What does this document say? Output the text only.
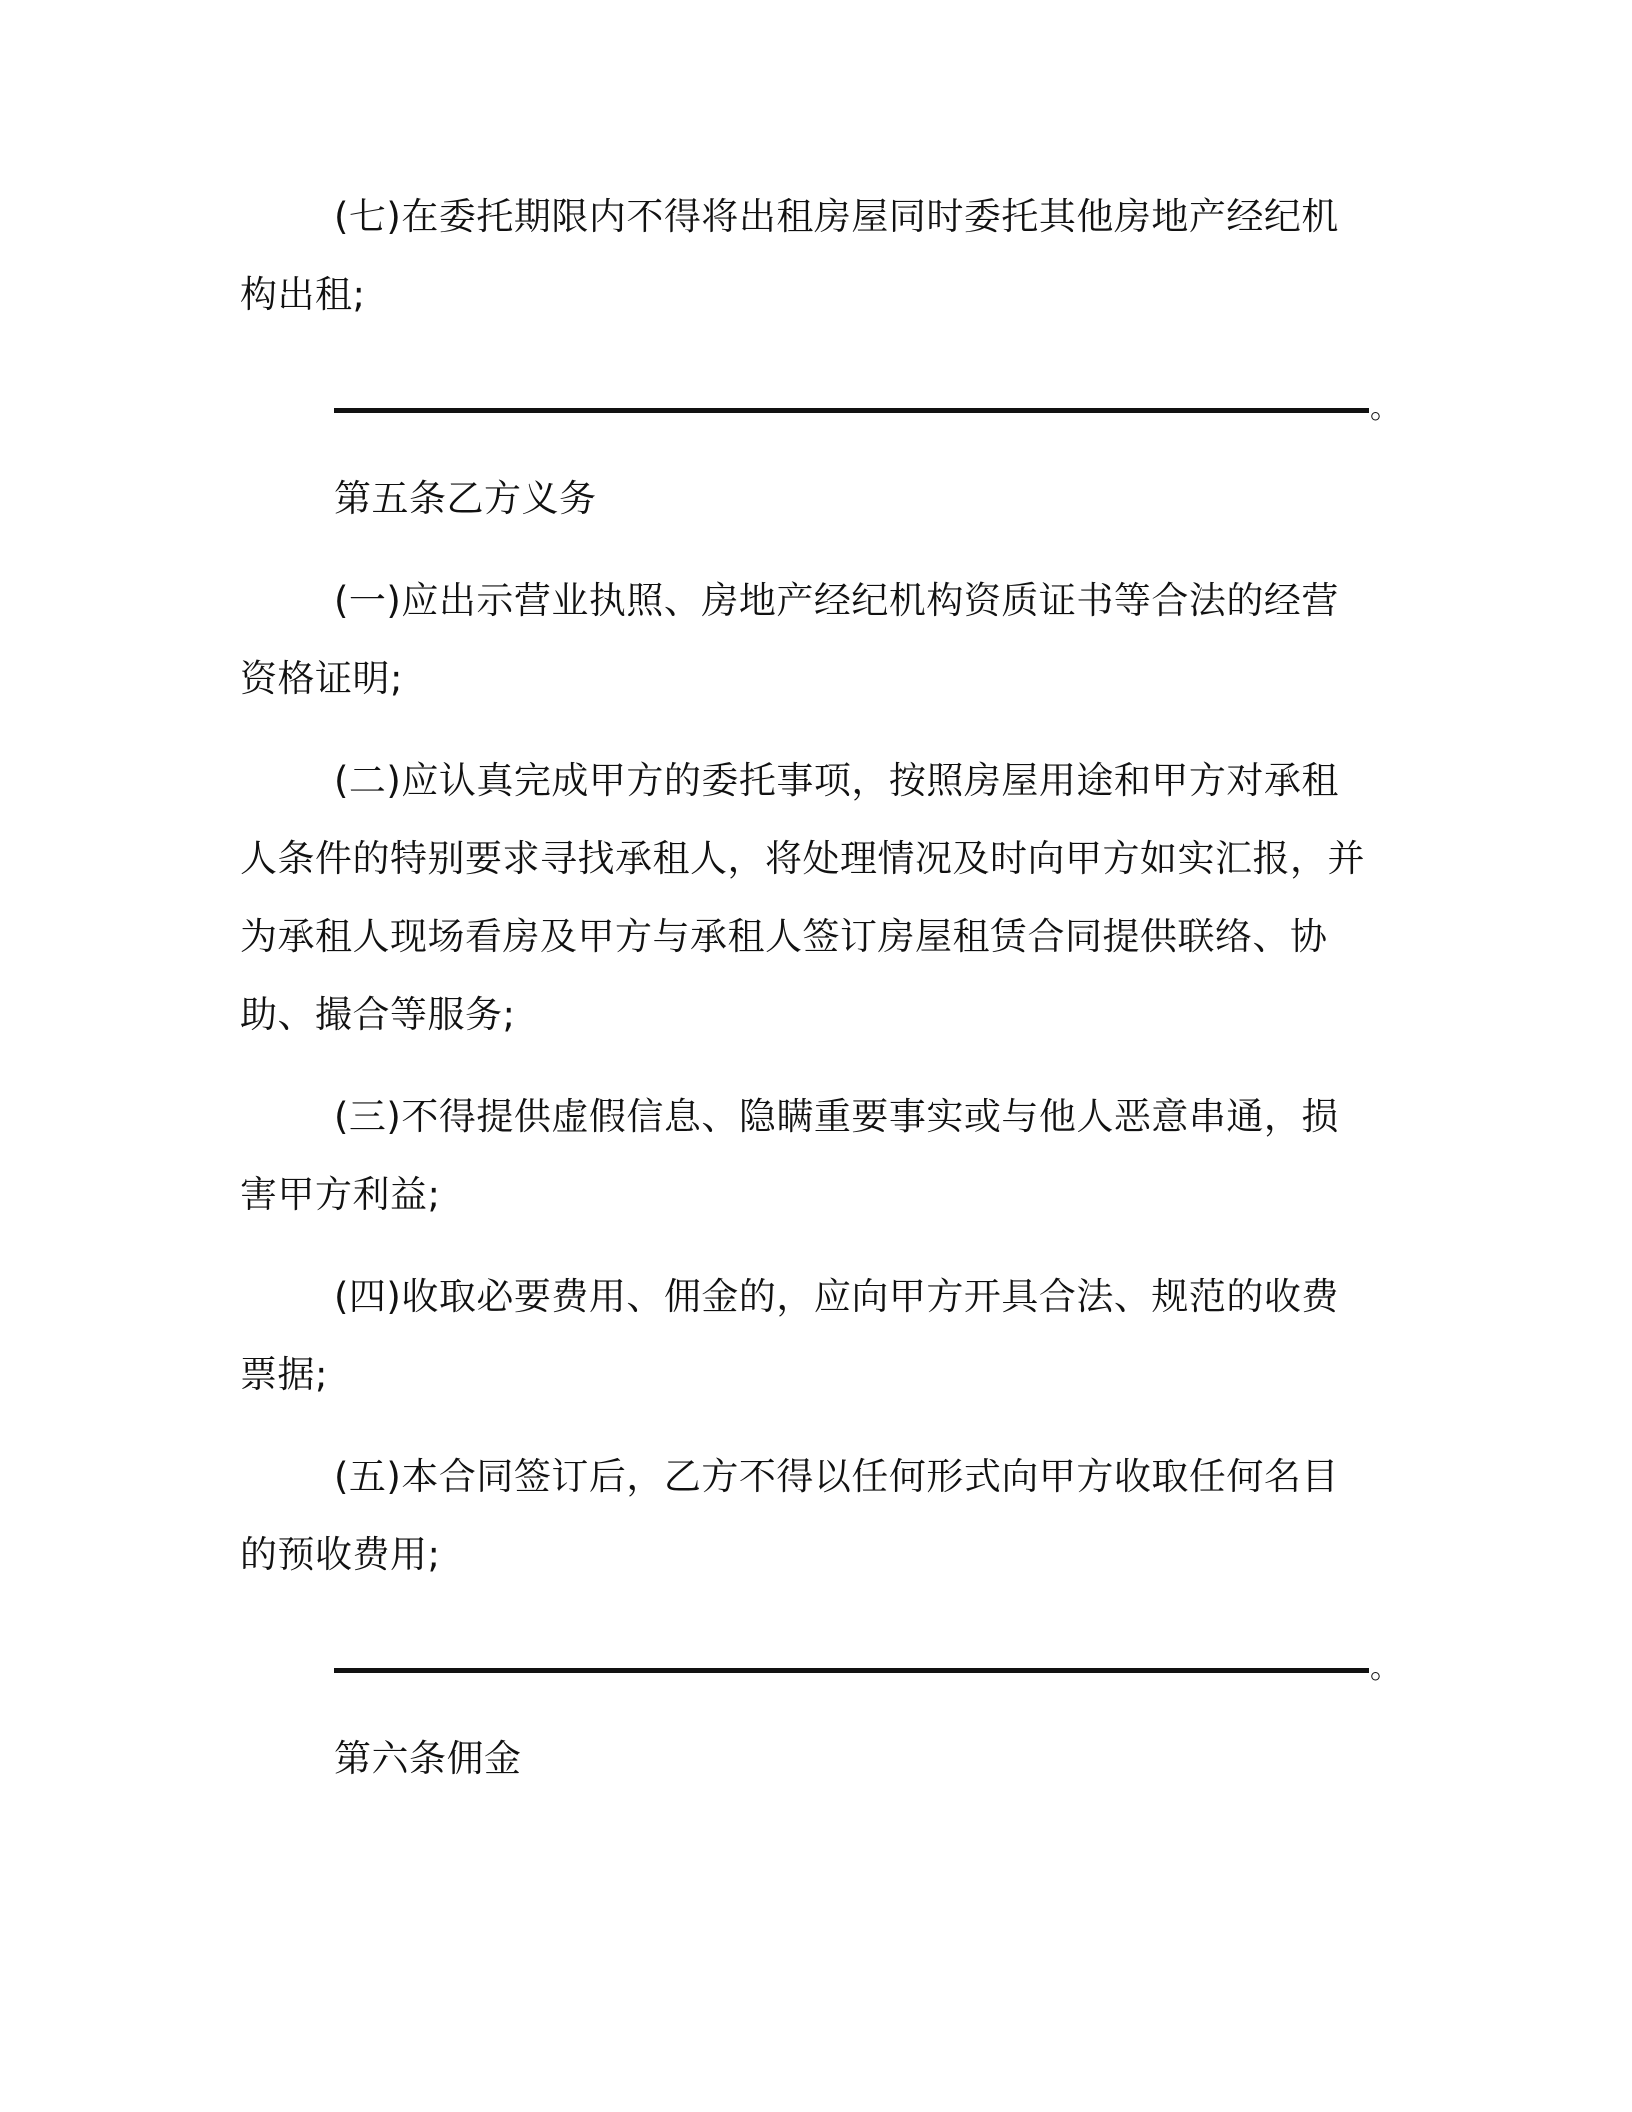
(七)在委托期限内不得将出租房屋同时委托其他房地产经纪机构出租;
。
第五条乙方义务
(一)应出示营业执照、房地产经纪机构资质证书等合法的经营资格证明;
(二)应认真完成甲方的委托事项，按照房屋用途和甲方对承租人条件的特别要求寻找承租人，将处理情况及时向甲方如实汇报，并为承租人现场看房及甲方与承租人签订房屋租赁合同提供联络、协助、撮合等服务;
(三)不得提供虚假信息、隐瞒重要事实或与他人恶意串通，损害甲方利益;
(四)收取必要费用、佣金的，应向甲方开具合法、规范的收费票据;
(五)本合同签订后，乙方不得以任何形式向甲方收取任何名目的预收费用;
。
第六条佣金
